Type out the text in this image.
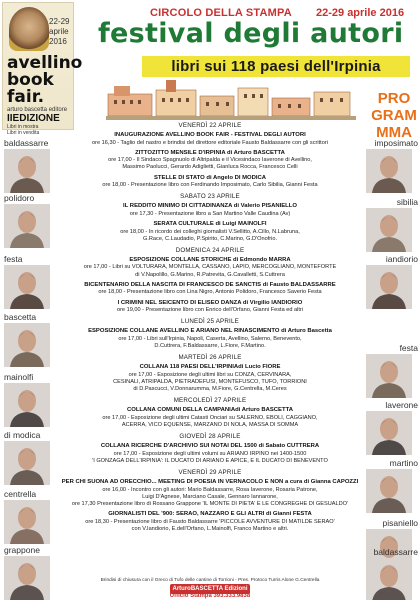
22-29 aprile 2016
avellino
book
fair.
arturo bascetta editore
IIEDIZIONE
Libri in mostra
Libri in vendita
CIRCOLO DELLA STAMPA 22-29 aprile 2016
festival degli autori
libri sui 118 paesi dell'Irpinia
PRO
GRAM
MMA
baldassarre
polidoro
festa
bascetta
mainolfi
di modica
centrella
grappone
imposimato
sibilia
iandiorio
festa
laverone
martino
pisaniello
baldassarre
VENERDÌ 22 APRILE
INAUGURAZIONE AVELLINO BOOK FAIR - FESTIVAL DEGLI AUTORI
ore 16,30 - Taglio del nastro e brindisi del direttore editoriale Fausto Baldassarre con gli scrittori
ZITTOZITTO MENSILE D'IRPINIA di Arturo BASCETTA
ore 17,00 - Il Sindaco Spagnuolo di Altripalda e il Vicesindaco Iaverone di Avellino,
Massimo Paolucci, Gerardo Adiglietti, Gianluca Rocca, Francesco Celli
STELLE DI STATO di Angelo DI MODICA
ore 18,00 - Presentazione libro con Ferdinando Imposimato, Carlo Sibilia, Gianni Festa
SABATO 23 APRILE
IL REDDITO MINIMO DI CITTADINANZA di Valerio PISANIELLO
ore 17,30 - Presentazione libro a San Martino Valle Caudina (Av)
SERATA CULTURALE di Luigi MAINOLFI
ore 18,00 - In ricordo dei colleghi giornalisti V.Sellitto, A.Cillo, N.Labruna,
G.Race, C.Laudadio, P.Spirito, C.Marino, G.D'Onofrio.
DOMENICA 24 APRILE
ESPOSIZIONE COLLANE STORICHE di Edmondo MARRA
ore 17,00 - Libri su VOLTURARA, MONTELLA, CASSANO, LAPIO, MERCOGLIANO, MONTEFORTE
di V.Napolillo, G.Marino, R.Patrevita, G.Cavalletti, S.Cuttrera
BICENTENARIO DELLA NASCITA DI FRANCESCO DE SANCTIS di Fausto BALDASSARRE
ore 18,00 - Presentazione libro con Lina Nigro, Antonio Polidoro, Francesco Saverio Festa
I CRIMINI NEL SEICENTO DI ELISEO DANZA di Virgilio IANDIORIO
ore 19,00 - Presentazione libro con Enrico dell'Orfano, Gianni Festa ed altri
LUNEDÌ 25 APRILE
ESPOSIZIONE COLLANE AVELLINO E ARIANO NEL RINASCIMENTO di Arturo Bascetta
ore 17,00 - Libri sull'Irpinia, Napoli, Caserta, Avellino, Salerno, Benevento,
D.Cuttrera, F.Baldassarre, L.Fiore, F.Martino.
MARTEDÌ 26 APRILE
COLLANA 118 PAESI DELL'IRPINIAdi Lucio FIORE
ore 17,00 - Esposizione degli ultimi libri su CONZA, CERVINARA,
CESINALI, ATRIPALDA, PIETRADEFUSI, MONTEFUSCO, TUFO, TORRIONI
di D.Pascucci, V.Donnarumma, M.Fiore, G.Centrella, M.Ceres
MERCOLEDÌ 27 APRILE
COLLANA COMUNI DELLA CAMPANIAdi Arturo BASCETTA
ore 17,00 - Esposizione degli ultimi Catasti Onciari su SALERNO, EBOLI, CAGGIANO,
ACERRA, VICO EQUENSE, MARZANO DI NOLA, MASSA DI SOMMA
GIOVEDÌ 28 APRILE
COLLANA RICERCHE D'ARCHIVIO SUI NOTAI DEL 1500 di Sabato CUTTRERA
ore 17,00 - Esposizione degli ultimi volumi su ARIANO IRPINO nei 1400-1500
'I GONZAGA DELL'IRPINIA': IL DUCATO DI ARIANO E APICE, E IL DUCATO DI BENEVENTO
VENERDÌ 29 APRILE
PER CHI SUONA AD ORECCHIO... MEETING DI POESIA IN VERNACOLO E NON a cura di Gianna CAPOZZI
ore 16,00 - Incontro con gli autori: Mario Baldassarre, Rosa Iaverone, Rosaria Patrone,
Luigi D'Agnese, Marciano Casale, Gennaro Iannarone,
ore 17,30 Presentazione libro di Rossano Grappone 'IL MONTE DI PIETA' E LE CONGREGHE DI GESUALDO'
GIORNALISTI DEL '900: SERAO, NAZZARO E GLI ALTRI di Gianni FESTA
ore 18,30 - Presentazione libro di Fausto Baldassarre 'PICCOLE AVVENTURE DI MATILDE SERAO'
con V.Iandiorio, E.dell'Orfano, L.Mainolfi, Franco Martino e altri.
Brindisi di chiusura con il Greco di Tufo delle cantine di Torrioni - Pres. Protoco Turris Alone G.Centrella
ArturoBASCETTA Edizioni
Ufficio Stampa 393.333.9838
